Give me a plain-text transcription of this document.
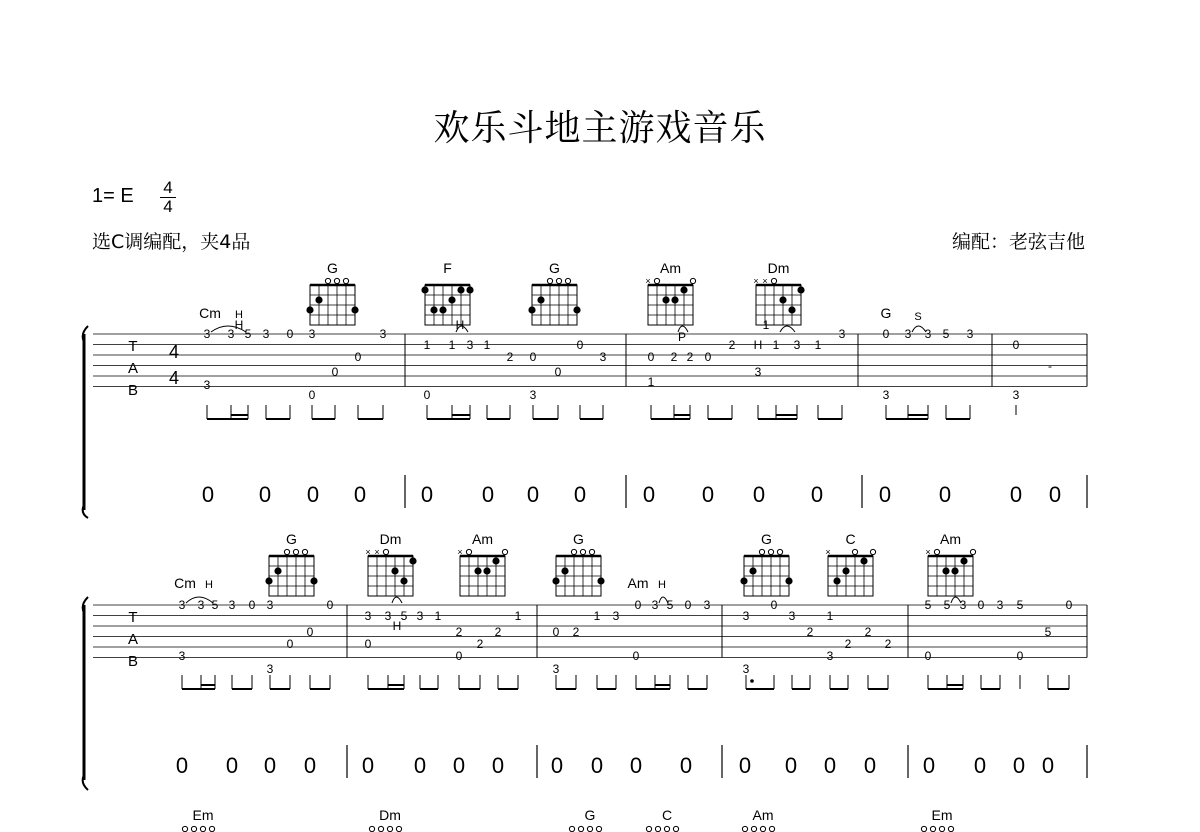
欢乐斗地主游戏音乐
1= E 4
4
选C调编配，夹4品	编配：老弦吉他
T
A
B
4
4
Cm H
G	F	G	Am
×
Dm
×
×
G S
3
H
3 5 3 0 3
0
1
H
1 3 1
2 0
0
0
P
2 2 0
2
1
H 1 3 1
3	0 3 3 5 3
0
3
3
0
0
3
1
3
0	0	3	3
-
3
0 0 0 0 0 0 0 0	0 0 0 0	0 0	0 0
T
A
B
Cm H
G	Dm
×
×
Am
×
G	G	C
×
Am
×
Am H
3 3 5 3 0 3	0
3
0
0
3
3 3 5 3 1
H
0
2
2
2
1
0
0 2
1 3
3
0
0 3 5 0 3
3
0
3
2
1
2
2
2
3
3
5 5 3 0 3 5	0
5
0	0
0 0 0 0 0 0 0 0 0 0 0 0 0 0 0 0 0 0 0 0
Em	Dm	G	C	Am	Em
